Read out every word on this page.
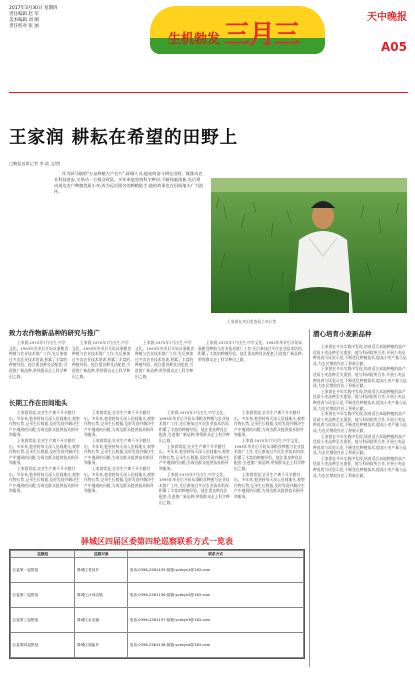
2017年3月30日 星期四
责任编辑 赵 军
美术编辑 刘 刚
责任校对 张 丽
生机勃发 三月三
天中晚报
A05
王家润 耕耘在希望的田野上
□晚报首席记者 李 政 文/图

作为驿马镇的"万亩种植大户名片",驿城人员,他始终奋斗耕在田野。既推动农业科技进步,又带动一方群众致富。多年来他坚持科学种田,不断探索创新,先后带动周边农户种植优质小麦,成为远近闻名的种粮能手,他的故事也在田间地头广为流传。

王家润在麦田里查看小麦长势
致力农作物新品种的研究与推广

王家润,1970年7月出生,中学文化。1993年毕业后开始从事粮食种植与农业技术推广工作,先后参加过多次农业技术培训,积累了丰富的种植经验。他注重良种良法配套,引进推广新品种,带领群众走上科学种田之路。

王家润,1970年7月出生,中学文化。1993年毕业后开始从事粮食种植与农业技术推广工作,先后参加过多次农业技术培训,积累了丰富的种植经验。他注重良种良法配套,引进推广新品种,带领群众走上科学种田之路。

王家润,1970年7月出生,中学文化。1993年毕业后开始从事粮食种植与农业技术推广工作,先后参加过多次农业技术培训,积累了丰富的种植经验。他注重良种良法配套,引进推广新品种,带领群众走上科学种田之路。

王家润,1970年7月出生,中学文化。1993年毕业后开始从事粮食种植与农业技术推广工作,先后参加过多次农业技术培训,积累了丰富的种植经验。他注重良种良法配套,引进推广新品种,带领群众走上科学种田之路。

长期工作在田间地头

王家润常说,农业生产离不开辛勤付出。多年来,他坚持每天深入田间地头,观察作物长势,记录生长数据,及时发现并解决生产中遇到的问题,为周边群众提供技术指导和服务。

王家润常说,农业生产离不开辛勤付出。多年来,他坚持每天深入田间地头,观察作物长势,记录生长数据,及时发现并解决生产中遇到的问题,为周边群众提供技术指导和服务。

王家润常说,农业生产离不开辛勤付出。多年来,他坚持每天深入田间地头,观察作物长势,记录生长数据,及时发现并解决生产中遇到的问题,为周边群众提供技术指导和服务。

王家润常说,农业生产离不开辛勤付出。多年来,他坚持每天深入田间地头,观察作物长势,记录生长数据,及时发现并解决生产中遇到的问题,为周边群众提供技术指导和服务。

王家润常说,农业生产离不开辛勤付出。多年来,他坚持每天深入田间地头,观察作物长势,记录生长数据,及时发现并解决生产中遇到的问题,为周边群众提供技术指导和服务。

王家润常说,农业生产离不开辛勤付出。多年来,他坚持每天深入田间地头,观察作物长势,记录生长数据,及时发现并解决生产中遇到的问题,为周边群众提供技术指导和服务。

王家润,1970年7月出生,中学文化。1993年毕业后开始从事粮食种植与农业技术推广工作,先后参加过多次农业技术培训,积累了丰富的种植经验。他注重良种良法配套,引进推广新品种,带领群众走上科学种田之路。

王家润常说,农业生产离不开辛勤付出。多年来,他坚持每天深入田间地头,观察作物长势,记录生长数据,及时发现并解决生产中遇到的问题,为周边群众提供技术指导和服务。

王家润,1970年7月出生,中学文化。1993年毕业后开始从事粮食种植与农业技术推广工作,先后参加过多次农业技术培训,积累了丰富的种植经验。他注重良种良法配套,引进推广新品种,带领群众走上科学种田之路。

王家润常说,农业生产离不开辛勤付出。多年来,他坚持每天深入田间地头,观察作物长势,记录生长数据,及时发现并解决生产中遇到的问题,为周边群众提供技术指导和服务。

王家润,1970年7月出生,中学文化。1993年毕业后开始从事粮食种植与农业技术推广工作,先后参加过多次农业技术培训,积累了丰富的种植经验。他注重良种良法配套,引进推广新品种,带领群众走上科学种田之路。

王家润常说,农业生产离不开辛勤付出。多年来,他坚持每天深入田间地头,观察作物长势,记录生长数据,及时发现并解决生产中遇到的问题,为周边群众提供技术指导和服务。

驿城区四届区委第四轮巡察联系方式一览表
巡察组	巡察对象	联系方式
区委第一巡察组	驿城区老河乡	电话:0396-2581135 邮箱:yczbyx1@163.com
区委第二巡察组	驿城区沙河店镇	电话:0396-2581136 邮箱:yczbyx2@163.com
区委第三巡察组	驿城区水屯镇	电话:0396-2581137 邮箱:yczbyx3@163.com
区委第四巡察组	驿城区胡庙乡	电话:0396-2581138 邮箱:yczbyx4@163.com
潜心培育小麦新品种

王家润在多年实践中发现,培育适合本地种植的高产优质小麦品种至关重要。他与科研院所合作,开展小麦品种选育与试验示范,不断优化种植技术,提高小麦产量与品质,为农民增收作出了积极贡献。

王家润在多年实践中发现,培育适合本地种植的高产优质小麦品种至关重要。他与科研院所合作,开展小麦品种选育与试验示范,不断优化种植技术,提高小麦产量与品质,为农民增收作出了积极贡献。

王家润在多年实践中发现,培育适合本地种植的高产优质小麦品种至关重要。他与科研院所合作,开展小麦品种选育与试验示范,不断优化种植技术,提高小麦产量与品质,为农民增收作出了积极贡献。

王家润在多年实践中发现,培育适合本地种植的高产优质小麦品种至关重要。他与科研院所合作,开展小麦品种选育与试验示范,不断优化种植技术,提高小麦产量与品质,为农民增收作出了积极贡献。

王家润在多年实践中发现,培育适合本地种植的高产优质小麦品种至关重要。他与科研院所合作,开展小麦品种选育与试验示范,不断优化种植技术,提高小麦产量与品质,为农民增收作出了积极贡献。

王家润在多年实践中发现,培育适合本地种植的高产优质小麦品种至关重要。他与科研院所合作,开展小麦品种选育与试验示范,不断优化种植技术,提高小麦产量与品质,为农民增收作出了积极贡献。
